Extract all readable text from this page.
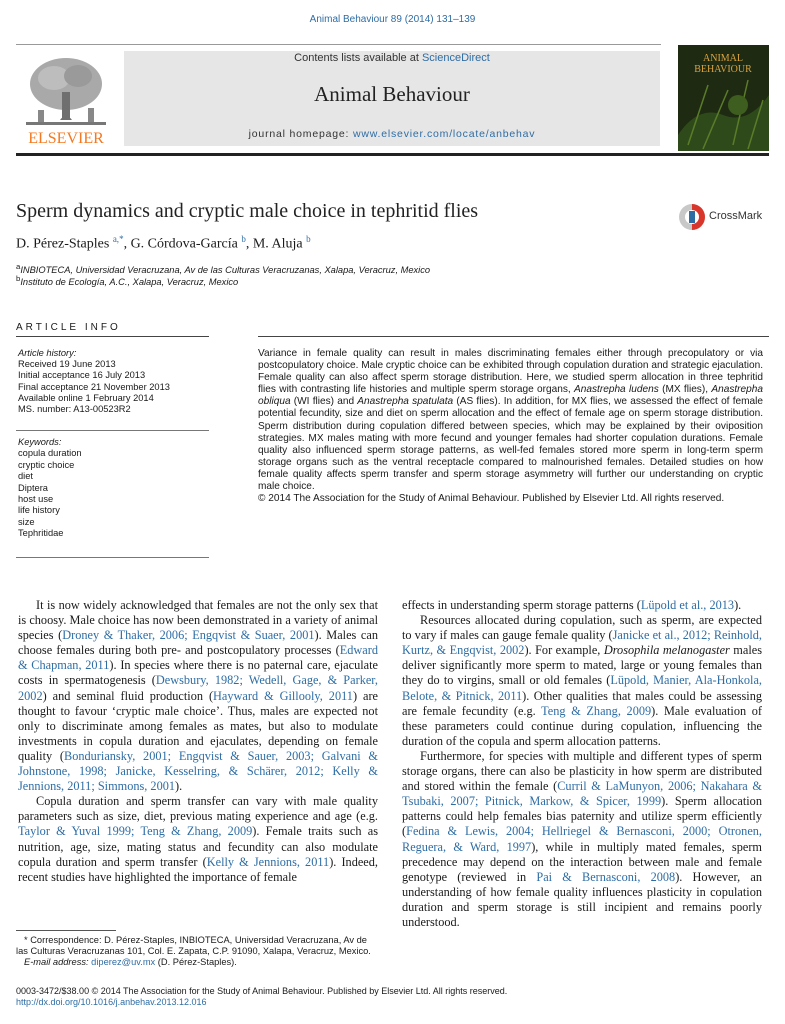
Animal Behaviour 89 (2014) 131–139
Contents lists available at ScienceDirect
Animal Behaviour
journal homepage: www.elsevier.com/locate/anbehav
ELSEVIER
ANIMAL
BEHAVIOUR
Sperm dynamics and cryptic male choice in tephritid flies	CrossMark
D. Pérez-Staples $^{a,*}$, G. Córdova-García $^b$, M. Aluja $^b$
$^a$INBIOTECA, Universidad Veracruzana, Av de las Culturas Veracruzanas, Xalapa, Veracruz, Mexico
$^b$Instituto de Ecología, A.C., Xalapa, Veracruz, Mexico
ARTICLE INFO
Article history:
Received 19 June 2013
Initial acceptance 16 July 2013
Final acceptance 21 November 2013
Available online 1 February 2014
MS. number: A13-00523R2
Keywords:
copula duration
cryptic choice
diet
Diptera
host use
life history
size
Tephritidae

Variance in female quality can result in males discriminating females either through precopulatory or via postcopulatory choice. Male cryptic choice can be exhibited through copulation duration and strategic ejaculation. Female quality can also affect sperm storage distribution. Here, we studied sperm allocation in three tephritid flies with contrasting life histories and multiple sperm storage organs, Anastrepha ludens (MX flies), Anastrepha obliqua (WI flies) and Anastrepha spatulata (AS flies). In addition, for MX flies, we assessed the effect of female potential fecundity, size and diet on sperm allocation and the effect of female age on sperm storage distribution. Sperm distribution during copulation differed between species, which may be explained by their oviposition strategies. MX males mating with more fecund and younger females had shorter copulation durations. Female quality also influenced sperm storage patterns, as well-fed females stored more sperm in long-term sperm storage organs such as the ventral receptacle compared to malnourished females. Detailed studies on how female quality affects sperm transfer and sperm storage asymmetry will further our understanding on cryptic male choice.

© 2014 The Association for the Study of Animal Behaviour. Published by Elsevier Ltd. All rights reserved.

It is now widely acknowledged that females are not the only sex that is choosy. Male choice has now been demonstrated in a variety of animal species (Droney & Thaker, 2006; Engqvist & Suaer, 2001). Males can choose females during both pre- and postcopulatory processes (Edward & Chapman, 2011). In species where there is no paternal care, ejaculate costs in spermatogenesis (Dewsbury, 1982; Wedell, Gage, & Parker, 2002) and seminal fluid production (Hayward & Gillooly, 2011) are thought to favour ‘cryptic male choice’. Thus, males are expected not only to discriminate among females as mates, but also to modulate investments in copula duration and ejaculates, depending on female quality (Bonduriansky, 2001; Engqvist & Sauer, 2003; Galvani & Johnstone, 1998; Janicke, Kesselring, & Schärer, 2012; Kelly & Jennions, 2011; Simmons, 2001).

Copula duration and sperm transfer can vary with male quality parameters such as size, diet, previous mating experience and age (e.g. Taylor & Yuval 1999; Teng & Zhang, 2009). Female traits such as nutrition, age, size, mating status and fecundity can also modulate copula duration and sperm transfer (Kelly & Jennions, 2011). Indeed, recent studies have highlighted the importance of female

effects in understanding sperm storage patterns (Lüpold et al., 2013).

Resources allocated during copulation, such as sperm, are expected to vary if males can gauge female quality (Janicke et al., 2012; Reinhold, Kurtz, & Engqvist, 2002). For example, Drosophila melanogaster males deliver significantly more sperm to mated, large or young females than they do to virgins, small or old females (Lüpold, Manier, Ala-Honkola, Belote, & Pitnick, 2011). Other qualities that males could be assessing are female fecundity (e.g. Teng & Zhang, 2009). Male evaluation of these parameters could continue during copulation, influencing the duration of the copula and sperm allocation patterns.

Furthermore, for species with multiple and different types of sperm storage organs, there can also be plasticity in how sperm are distributed and stored within the female (Curril & LaMunyon, 2006; Nakahara & Tsubaki, 2007; Pitnick, Markow, & Spicer, 1999). Sperm allocation patterns could help females bias paternity and utilize sperm efficiently (Fedina & Lewis, 2004; Hellriegel & Bernasconi, 2000; Otronen, Reguera, & Ward, 1997), while in multiply mated females, sperm precedence may depend on the interaction between male and female genotype (reviewed in Pai & Bernasconi, 2008). However, an understanding of how female quality influences plasticity in copulation duration and sperm storage is still incipient and remains poorly understood.

* Correspondence: D. Pérez-Staples, INBIOTECA, Universidad Veracruzana, Av de las Culturas Veracruzanas 101, Col. E. Zapata, C.P. 91090, Xalapa, Veracruz, Mexico.

E-mail address: diperez@uv.mx (D. Pérez-Staples).

0003-3472/$38.00 © 2014 The Association for the Study of Animal Behaviour. Published by Elsevier Ltd. All rights reserved.
http://dx.doi.org/10.1016/j.anbehav.2013.12.016
